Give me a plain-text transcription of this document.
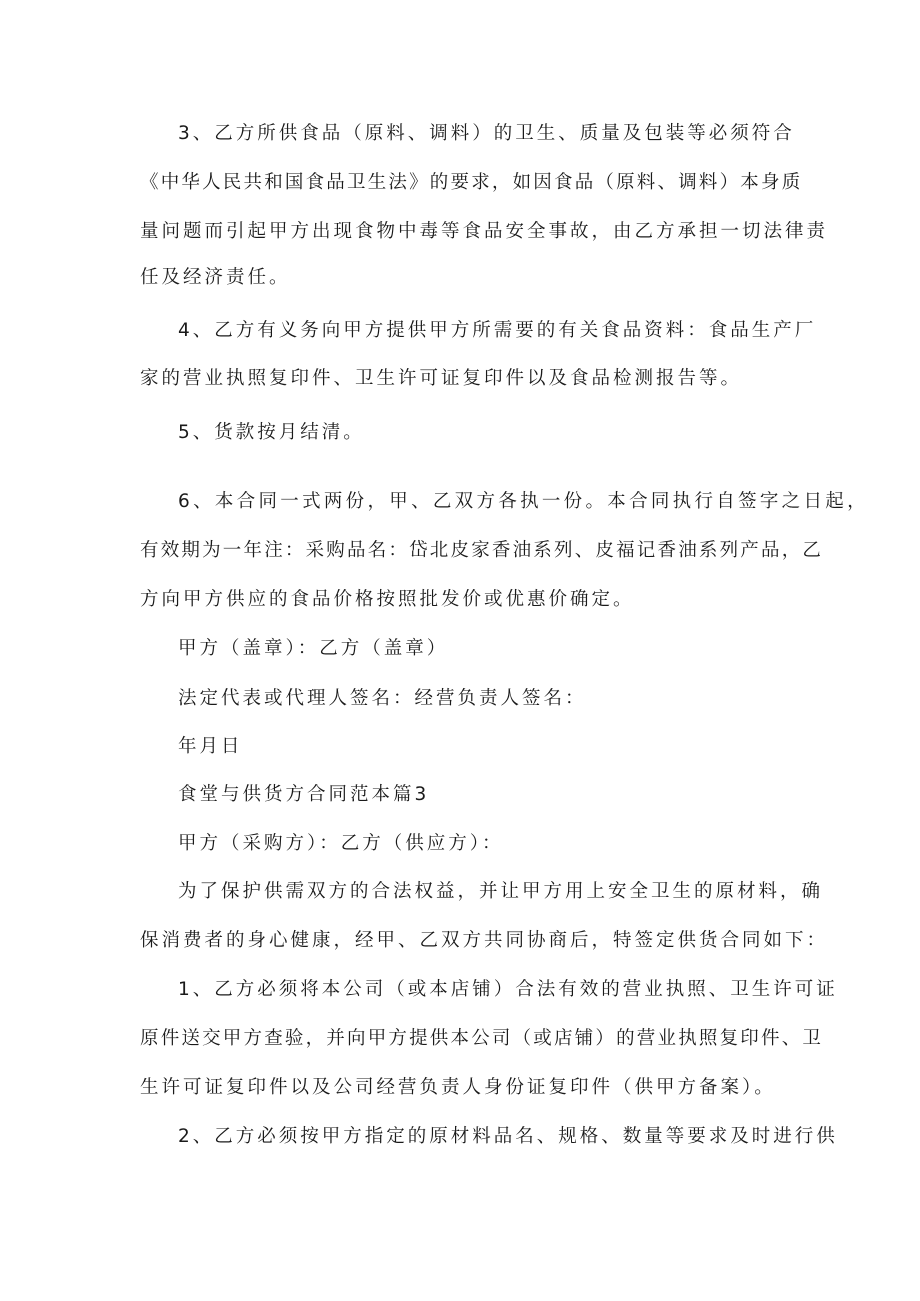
3、乙方所供食品（原料、调料）的卫生、质量及包装等必须符合
《中华人民共和国食品卫生法》的要求，如因食品（原料、调料）本身质
量问题而引起甲方出现食物中毒等食品安全事故，由乙方承担一切法律责
任及经济责任。
4、乙方有义务向甲方提供甲方所需要的有关食品资料：食品生产厂
家的营业执照复印件、卫生许可证复印件以及食品检测报告等。
5、货款按月结清。
6、本合同一式两份，甲、乙双方各执一份。本合同执行自签字之日起，
有效期为一年注：采购品名：岱北皮家香油系列、皮福记香油系列产品，乙
方向甲方供应的食品价格按照批发价或优惠价确定。
甲方（盖章）：乙方（盖章）
法定代表或代理人签名：经营负责人签名：
年月日
食堂与供货方合同范本篇3
甲方（采购方）：乙方（供应方）：
为了保护供需双方的合法权益，并让甲方用上安全卫生的原材料，确
保消费者的身心健康，经甲、乙双方共同协商后，特签定供货合同如下：
1、乙方必须将本公司（或本店铺）合法有效的营业执照、卫生许可证
原件送交甲方查验，并向甲方提供本公司（或店铺）的营业执照复印件、卫
生许可证复印件以及公司经营负责人身份证复印件（供甲方备案）。
2、乙方必须按甲方指定的原材料品名、规格、数量等要求及时进行供
